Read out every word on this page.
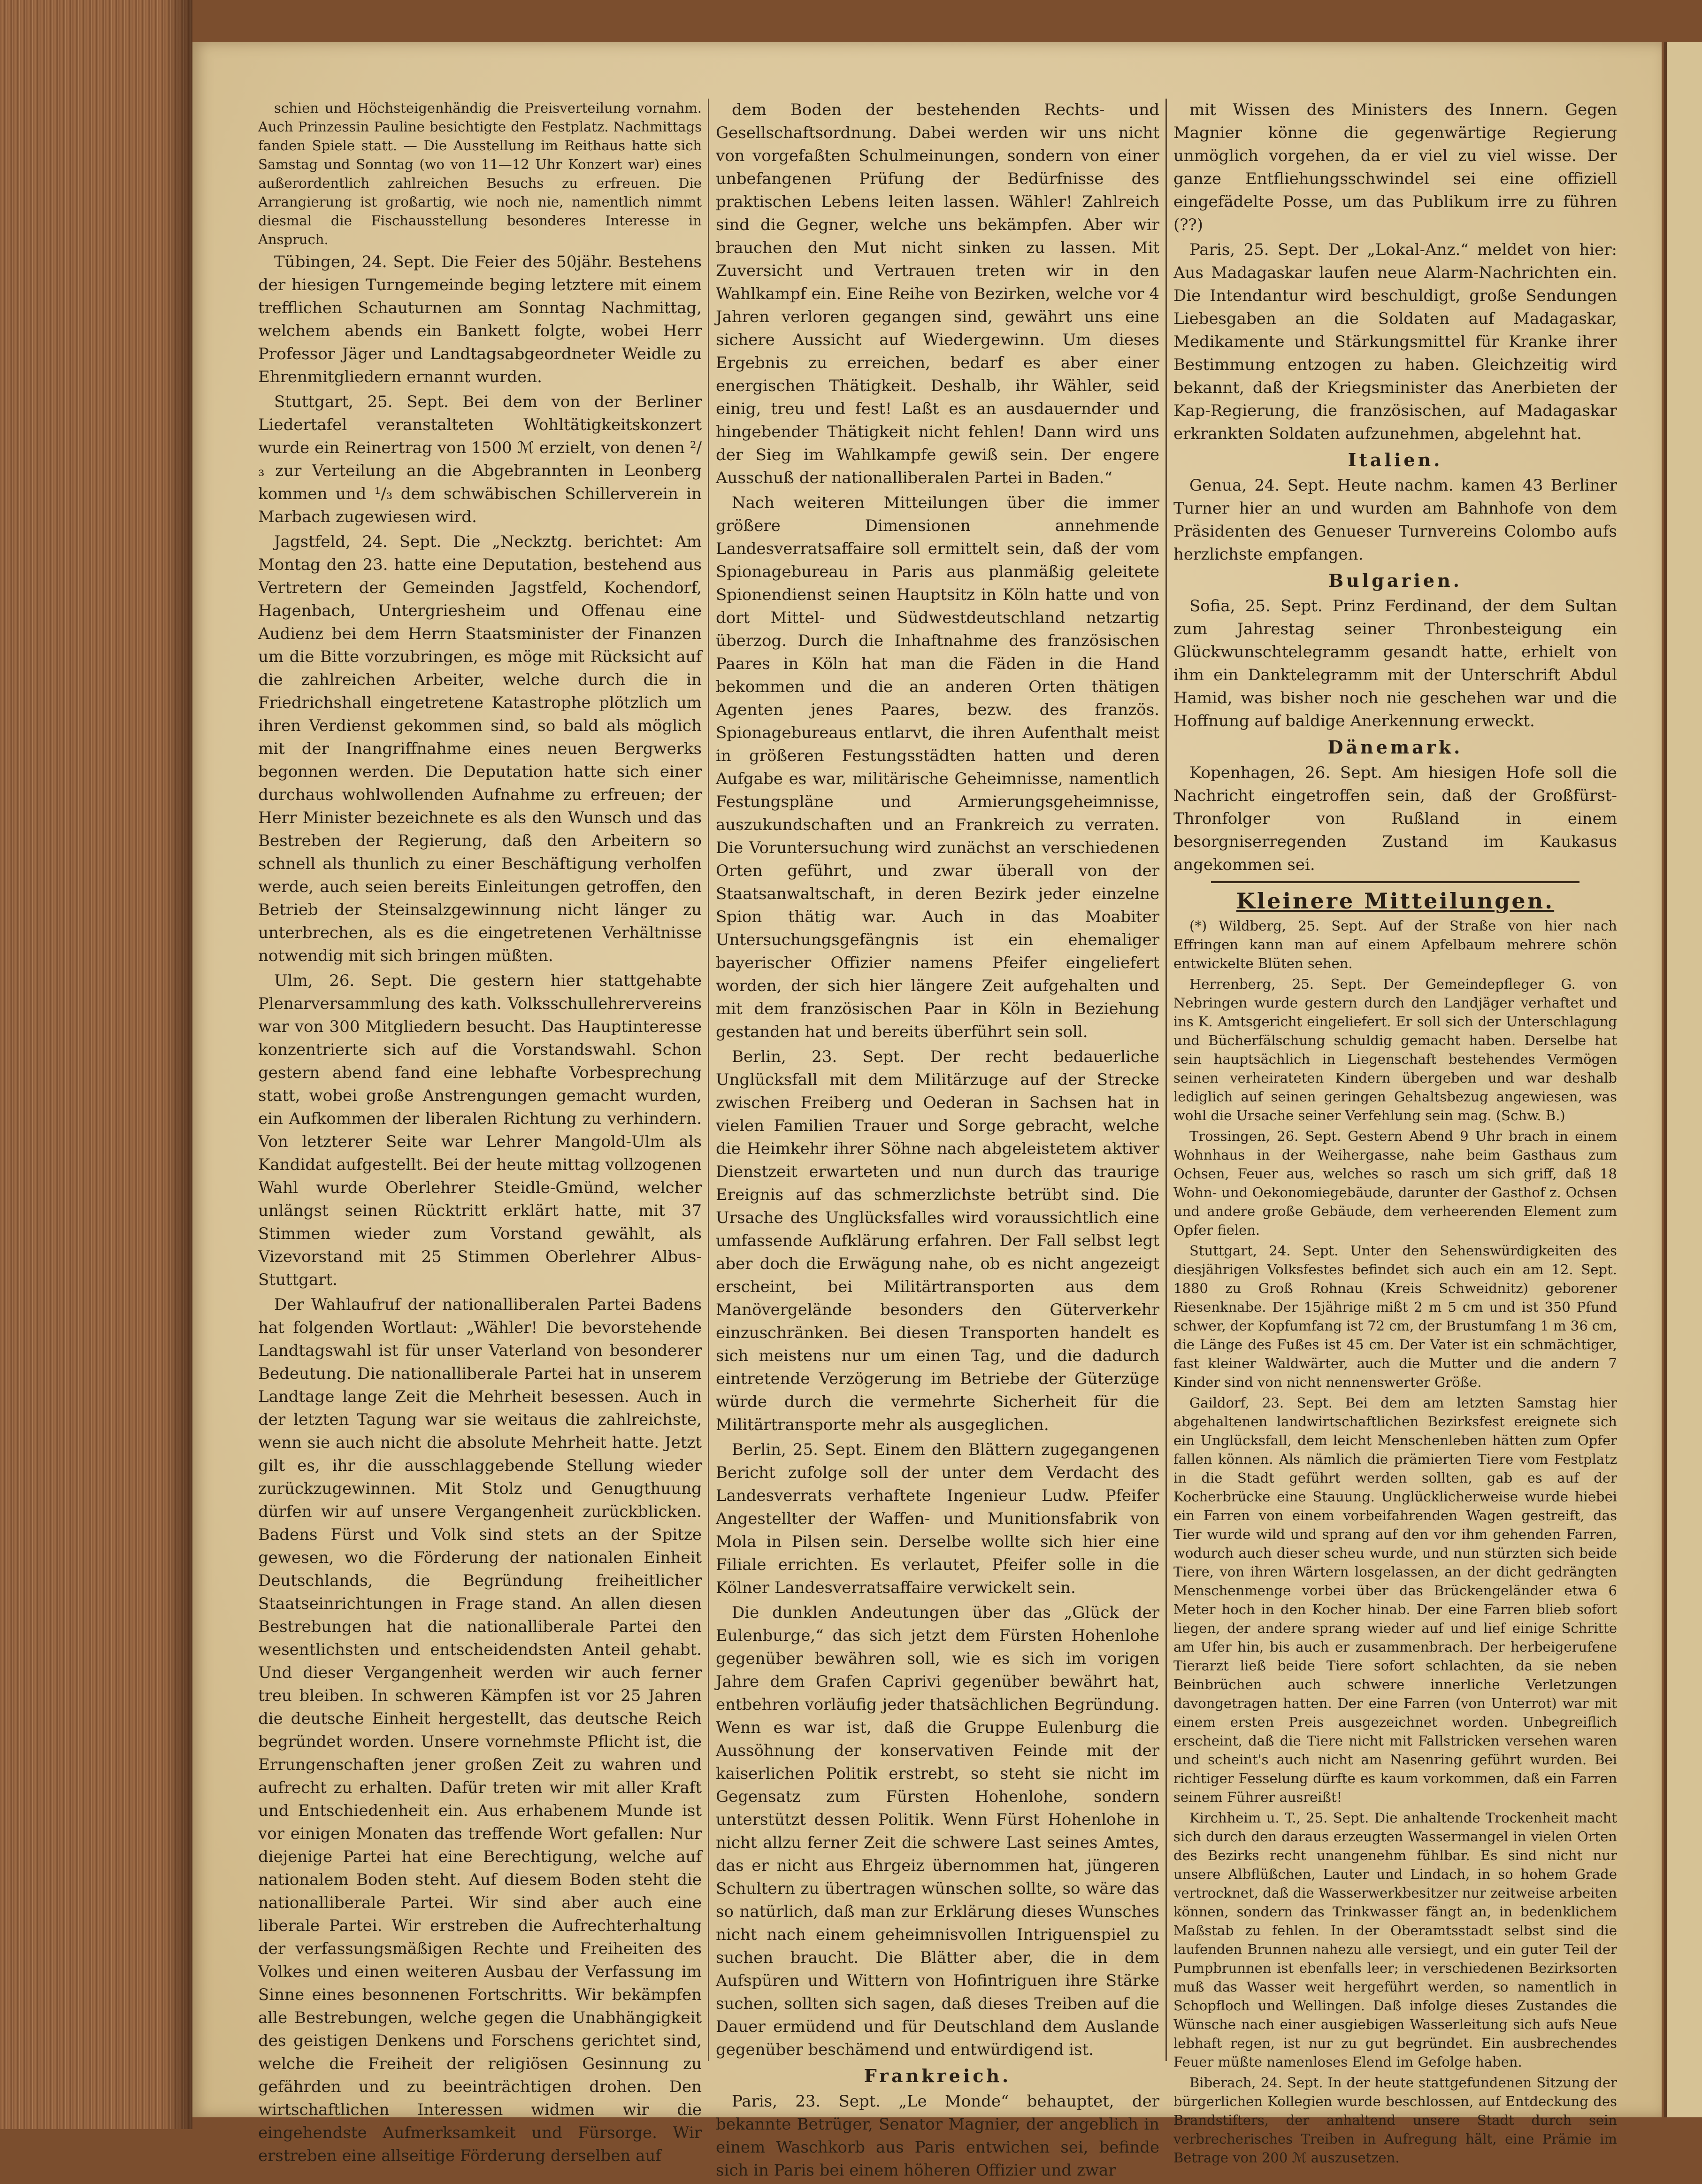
schien und Höchsteigenhändig die Preisverteilung vornahm. Auch Prinzessin Pauline besichtigte den Festplatz. Nachmittags fanden Spiele statt. — Die Ausstellung im Reithaus hatte sich Samstag und Sonntag (wo von 11—12 Uhr Konzert war) eines außerordentlich zahlreichen Besuchs zu erfreuen. Die Arrangierung ist großartig, wie noch nie, namentlich nimmt diesmal die Fischausstellung besonderes Interesse in Anspruch.

Tübingen, 24. Sept. Die Feier des 50jähr. Bestehens der hiesigen Turngemeinde beging letztere mit einem trefflichen Schauturnen am Sonntag Nachmittag, welchem abends ein Bankett folgte, wobei Herr Professor Jäger und Landtagsabgeordneter Weidle zu Ehrenmitgliedern ernannt wurden.

Stuttgart, 25. Sept. Bei dem von der Berliner Liedertafel veranstalteten Wohltätigkeitskonzert wurde ein Reinertrag von 1500 ℳ erzielt, von denen ²/₃ zur Verteilung an die Abgebrannten in Leonberg kommen und ¹/₃ dem schwäbischen Schillerverein in Marbach zugewiesen wird.

Jagstfeld, 24. Sept. Die „Neckztg. berichtet: Am Montag den 23. hatte eine Deputation, bestehend aus Vertretern der Gemeinden Jagstfeld, Kochendorf, Hagenbach, Untergriesheim und Offenau eine Audienz bei dem Herrn Staatsminister der Finanzen um die Bitte vorzubringen, es möge mit Rücksicht auf die zahlreichen Arbeiter, welche durch die in Friedrichshall eingetretene Katastrophe plötzlich um ihren Verdienst gekommen sind, so bald als möglich mit der Inangriffnahme eines neuen Bergwerks begonnen werden. Die Deputation hatte sich einer durchaus wohlwollenden Aufnahme zu erfreuen; der Herr Minister bezeichnete es als den Wunsch und das Bestreben der Regierung, daß den Arbeitern so schnell als thunlich zu einer Beschäftigung verholfen werde, auch seien bereits Einleitungen getroffen, den Betrieb der Steinsalzgewinnung nicht länger zu unterbrechen, als es die eingetretenen Verhältnisse notwendig mit sich bringen müßten.

Ulm, 26. Sept. Die gestern hier stattgehabte Plenarversammlung des kath. Volksschullehrervereins war von 300 Mitgliedern besucht. Das Hauptinteresse konzentrierte sich auf die Vorstandswahl. Schon gestern abend fand eine lebhafte Vorbesprechung statt, wobei große Anstrengungen gemacht wurden, ein Aufkommen der liberalen Richtung zu verhindern. Von letzterer Seite war Lehrer Mangold-Ulm als Kandidat aufgestellt. Bei der heute mittag vollzogenen Wahl wurde Oberlehrer Steidle-Gmünd, welcher unlängst seinen Rücktritt erklärt hatte, mit 37 Stimmen wieder zum Vorstand gewählt, als Vizevorstand mit 25 Stimmen Oberlehrer Albus-Stuttgart.

Der Wahlaufruf der nationalliberalen Partei Badens hat folgenden Wortlaut: „Wähler! Die bevorstehende Landtagswahl ist für unser Vaterland von besonderer Bedeutung. Die nationalliberale Partei hat in unserem Landtage lange Zeit die Mehrheit besessen. Auch in der letzten Tagung war sie weitaus die zahlreichste, wenn sie auch nicht die absolute Mehrheit hatte. Jetzt gilt es, ihr die ausschlaggebende Stellung wieder zurückzugewinnen. Mit Stolz und Genugthuung dürfen wir auf unsere Vergangenheit zurückblicken. Badens Fürst und Volk sind stets an der Spitze gewesen, wo die Förderung der nationalen Einheit Deutschlands, die Begründung freiheitlicher Staatseinrichtungen in Frage stand. An allen diesen Bestrebungen hat die nationalliberale Partei den wesentlichsten und entscheidendsten Anteil gehabt. Und dieser Vergangenheit werden wir auch ferner treu bleiben. In schweren Kämpfen ist vor 25 Jahren die deutsche Einheit hergestellt, das deutsche Reich begründet worden. Unsere vornehmste Pflicht ist, die Errungenschaften jener großen Zeit zu wahren und aufrecht zu erhalten. Dafür treten wir mit aller Kraft und Entschiedenheit ein. Aus erhabenem Munde ist vor einigen Monaten das treffende Wort gefallen: Nur diejenige Partei hat eine Berechtigung, welche auf nationalem Boden steht. Auf diesem Boden steht die nationalliberale Partei. Wir sind aber auch eine liberale Partei. Wir erstreben die Aufrechterhaltung der verfassungsmäßigen Rechte und Freiheiten des Volkes und einen weiteren Ausbau der Verfassung im Sinne eines besonnenen Fortschritts. Wir bekämpfen alle Bestrebungen, welche gegen die Unabhängigkeit des geistigen Denkens und Forschens gerichtet sind, welche die Freiheit der religiösen Gesinnung zu gefährden und zu beeinträchtigen drohen. Den wirtschaftlichen Interessen widmen wir die eingehendste Aufmerksamkeit und Fürsorge. Wir erstreben eine allseitige Förderung derselben auf

dem Boden der bestehenden Rechts- und Gesellschaftsordnung. Dabei werden wir uns nicht von vorgefaßten Schulmeinungen, sondern von einer unbefangenen Prüfung der Bedürfnisse des praktischen Lebens leiten lassen. Wähler! Zahlreich sind die Gegner, welche uns bekämpfen. Aber wir brauchen den Mut nicht sinken zu lassen. Mit Zuversicht und Vertrauen treten wir in den Wahlkampf ein. Eine Reihe von Bezirken, welche vor 4 Jahren verloren gegangen sind, gewährt uns eine sichere Aussicht auf Wiedergewinn. Um dieses Ergebnis zu erreichen, bedarf es aber einer energischen Thätigkeit. Deshalb, ihr Wähler, seid einig, treu und fest! Laßt es an ausdauernder und hingebender Thätigkeit nicht fehlen! Dann wird uns der Sieg im Wahlkampfe gewiß sein. Der engere Ausschuß der nationalliberalen Partei in Baden.“

Nach weiteren Mitteilungen über die immer größere Dimensionen annehmende Landesverratsaffaire soll ermittelt sein, daß der vom Spionagebureau in Paris aus planmäßig geleitete Spionendienst seinen Hauptsitz in Köln hatte und von dort Mittel- und Südwestdeutschland netzartig überzog. Durch die Inhaftnahme des französischen Paares in Köln hat man die Fäden in die Hand bekommen und die an anderen Orten thätigen Agenten jenes Paares, bezw. des französ. Spionagebureaus entlarvt, die ihren Aufenthalt meist in größeren Festungsstädten hatten und deren Aufgabe es war, militärische Geheimnisse, namentlich Festungspläne und Armierungsgeheimnisse, auszukundschaften und an Frankreich zu verraten. Die Voruntersuchung wird zunächst an verschiedenen Orten geführt, und zwar überall von der Staatsanwaltschaft, in deren Bezirk jeder einzelne Spion thätig war. Auch in das Moabiter Untersuchungsgefängnis ist ein ehemaliger bayerischer Offizier namens Pfeifer eingeliefert worden, der sich hier längere Zeit aufgehalten und mit dem französischen Paar in Köln in Beziehung gestanden hat und bereits überführt sein soll.

Berlin, 23. Sept. Der recht bedauerliche Unglücksfall mit dem Militärzuge auf der Strecke zwischen Freiberg und Oederan in Sachsen hat in vielen Familien Trauer und Sorge gebracht, welche die Heimkehr ihrer Söhne nach abgeleistetem aktiver Dienstzeit erwarteten und nun durch das traurige Ereignis auf das schmerzlichste betrübt sind. Die Ursache des Unglücksfalles wird voraussichtlich eine umfassende Aufklärung erfahren. Der Fall selbst legt aber doch die Erwägung nahe, ob es nicht angezeigt erscheint, bei Militärtransporten aus dem Manövergelände besonders den Güterverkehr einzuschränken. Bei diesen Transporten handelt es sich meistens nur um einen Tag, und die dadurch eintretende Verzögerung im Betriebe der Güterzüge würde durch die vermehrte Sicherheit für die Militärtransporte mehr als ausgeglichen.

Berlin, 25. Sept. Einem den Blättern zugegangenen Bericht zufolge soll der unter dem Verdacht des Landesverrats verhaftete Ingenieur Ludw. Pfeifer Angestellter der Waffen- und Munitionsfabrik von Mola in Pilsen sein. Derselbe wollte sich hier eine Filiale errichten. Es verlautet, Pfeifer solle in die Kölner Landesverratsaffaire verwickelt sein.

Die dunklen Andeutungen über das „Glück der Eulenburge,“ das sich jetzt dem Fürsten Hohenlohe gegenüber bewähren soll, wie es sich im vorigen Jahre dem Grafen Caprivi gegenüber bewährt hat, entbehren vorläufig jeder thatsächlichen Begründung. Wenn es war ist, daß die Gruppe Eulenburg die Aussöhnung der konservativen Feinde mit der kaiserlichen Politik erstrebt, so steht sie nicht im Gegensatz zum Fürsten Hohenlohe, sondern unterstützt dessen Politik. Wenn Fürst Hohenlohe in nicht allzu ferner Zeit die schwere Last seines Amtes, das er nicht aus Ehrgeiz übernommen hat, jüngeren Schultern zu übertragen wünschen sollte, so wäre das so natürlich, daß man zur Erklärung dieses Wunsches nicht nach einem geheimnisvollen Intriguenspiel zu suchen braucht. Die Blätter aber, die in dem Aufspüren und Wittern von Hofintriguen ihre Stärke suchen, sollten sich sagen, daß dieses Treiben auf die Dauer ermüdend und für Deutschland dem Auslande gegenüber beschämend und entwürdigend ist.

Frankreich.

Paris, 23. Sept. „Le Monde“ behauptet, der bekannte Betrüger, Senator Magnier, der angeblich in einem Waschkorb aus Paris entwichen sei, befinde sich in Paris bei einem höheren Offizier und zwar

mit Wissen des Ministers des Innern. Gegen Magnier könne die gegenwärtige Regierung unmöglich vorgehen, da er viel zu viel wisse. Der ganze Entfliehungsschwindel sei eine offiziell eingefädelte Posse, um das Publikum irre zu führen (??)

Paris, 25. Sept. Der „Lokal-Anz.“ meldet von hier: Aus Madagaskar laufen neue Alarm-Nachrichten ein. Die Intendantur wird beschuldigt, große Sendungen Liebesgaben an die Soldaten auf Madagaskar, Medikamente und Stärkungsmittel für Kranke ihrer Bestimmung entzogen zu haben. Gleichzeitig wird bekannt, daß der Kriegsminister das Anerbieten der Kap-Regierung, die französischen, auf Madagaskar erkrankten Soldaten aufzunehmen, abgelehnt hat.

Italien.

Genua, 24. Sept. Heute nachm. kamen 43 Berliner Turner hier an und wurden am Bahnhofe von dem Präsidenten des Genueser Turnvereins Colombo aufs herzlichste empfangen.

Bulgarien.

Sofia, 25. Sept. Prinz Ferdinand, der dem Sultan zum Jahrestag seiner Thronbesteigung ein Glückwunschtelegramm gesandt hatte, erhielt von ihm ein Danktelegramm mit der Unterschrift Abdul Hamid, was bisher noch nie geschehen war und die Hoffnung auf baldige Anerkennung erweckt.

Dänemark.

Kopenhagen, 26. Sept. Am hiesigen Hofe soll die Nachricht eingetroffen sein, daß der Großfürst-Thronfolger von Rußland in einem besorgniserregenden Zustand im Kaukasus angekommen sei.

Kleinere Mitteilungen.

(*) Wildberg, 25. Sept. Auf der Straße von hier nach Effringen kann man auf einem Apfelbaum mehrere schön entwickelte Blüten sehen.

Herrenberg, 25. Sept. Der Gemeindepfleger G. von Nebringen wurde gestern durch den Landjäger verhaftet und ins K. Amtsgericht eingeliefert. Er soll sich der Unterschlagung und Bücherfälschung schuldig gemacht haben. Derselbe hat sein hauptsächlich in Liegenschaft bestehendes Vermögen seinen verheirateten Kindern übergeben und war deshalb lediglich auf seinen geringen Gehaltsbezug angewiesen, was wohl die Ursache seiner Verfehlung sein mag. (Schw. B.)

Trossingen, 26. Sept. Gestern Abend 9 Uhr brach in einem Wohnhaus in der Weihergasse, nahe beim Gasthaus zum Ochsen, Feuer aus, welches so rasch um sich griff, daß 18 Wohn- und Oekonomiegebäude, darunter der Gasthof z. Ochsen und andere große Gebäude, dem verheerenden Element zum Opfer fielen.

Stuttgart, 24. Sept. Unter den Sehenswürdigkeiten des diesjährigen Volksfestes befindet sich auch ein am 12. Sept. 1880 zu Groß Rohnau (Kreis Schweidnitz) geborener Riesenknabe. Der 15jährige mißt 2 m 5 cm und ist 350 Pfund schwer, der Kopfumfang ist 72 cm, der Brustumfang 1 m 36 cm, die Länge des Fußes ist 45 cm. Der Vater ist ein schmächtiger, fast kleiner Waldwärter, auch die Mutter und die andern 7 Kinder sind von nicht nennenswerter Größe.

Gaildorf, 23. Sept. Bei dem am letzten Samstag hier abgehaltenen landwirtschaftlichen Bezirksfest ereignete sich ein Unglücksfall, dem leicht Menschenleben hätten zum Opfer fallen können. Als nämlich die prämierten Tiere vom Festplatz in die Stadt geführt werden sollten, gab es auf der Kocherbrücke eine Stauung. Unglücklicherweise wurde hiebei ein Farren von einem vorbeifahrenden Wagen gestreift, das Tier wurde wild und sprang auf den vor ihm gehenden Farren, wodurch auch dieser scheu wurde, und nun stürzten sich beide Tiere, von ihren Wärtern losgelassen, an der dicht gedrängten Menschenmenge vorbei über das Brückengeländer etwa 6 Meter hoch in den Kocher hinab. Der eine Farren blieb sofort liegen, der andere sprang wieder auf und lief einige Schritte am Ufer hin, bis auch er zusammenbrach. Der herbeigerufene Tierarzt ließ beide Tiere sofort schlachten, da sie neben Beinbrüchen auch schwere innerliche Verletzungen davongetragen hatten. Der eine Farren (von Unterrot) war mit einem ersten Preis ausgezeichnet worden. Unbegreiflich erscheint, daß die Tiere nicht mit Fallstricken versehen waren und scheint's auch nicht am Nasenring geführt wurden. Bei richtiger Fesselung dürfte es kaum vorkommen, daß ein Farren seinem Führer ausreißt!

Kirchheim u. T., 25. Sept. Die anhaltende Trockenheit macht sich durch den daraus erzeugten Wassermangel in vielen Orten des Bezirks recht unangenehm fühlbar. Es sind nicht nur unsere Albflüßchen, Lauter und Lindach, in so hohem Grade vertrocknet, daß die Wasserwerkbesitzer nur zeitweise arbeiten können, sondern das Trinkwasser fängt an, in bedenklichem Maßstab zu fehlen. In der Oberamtsstadt selbst sind die laufenden Brunnen nahezu alle versiegt, und ein guter Teil der Pumpbrunnen ist ebenfalls leer; in verschiedenen Bezirksorten muß das Wasser weit hergeführt werden, so namentlich in Schopfloch und Wellingen. Daß infolge dieses Zustandes die Wünsche nach einer ausgiebigen Wasserleitung sich aufs Neue lebhaft regen, ist nur zu gut begründet. Ein ausbrechendes Feuer müßte namenloses Elend im Gefolge haben.

Biberach, 24. Sept. In der heute stattgefundenen Sitzung der bürgerlichen Kollegien wurde beschlossen, auf Entdeckung des Brandstifters, der anhaltend unsere Stadt durch sein verbrecherisches Treiben in Aufregung hält, eine Prämie im Betrage von 200 ℳ auszusetzen.
